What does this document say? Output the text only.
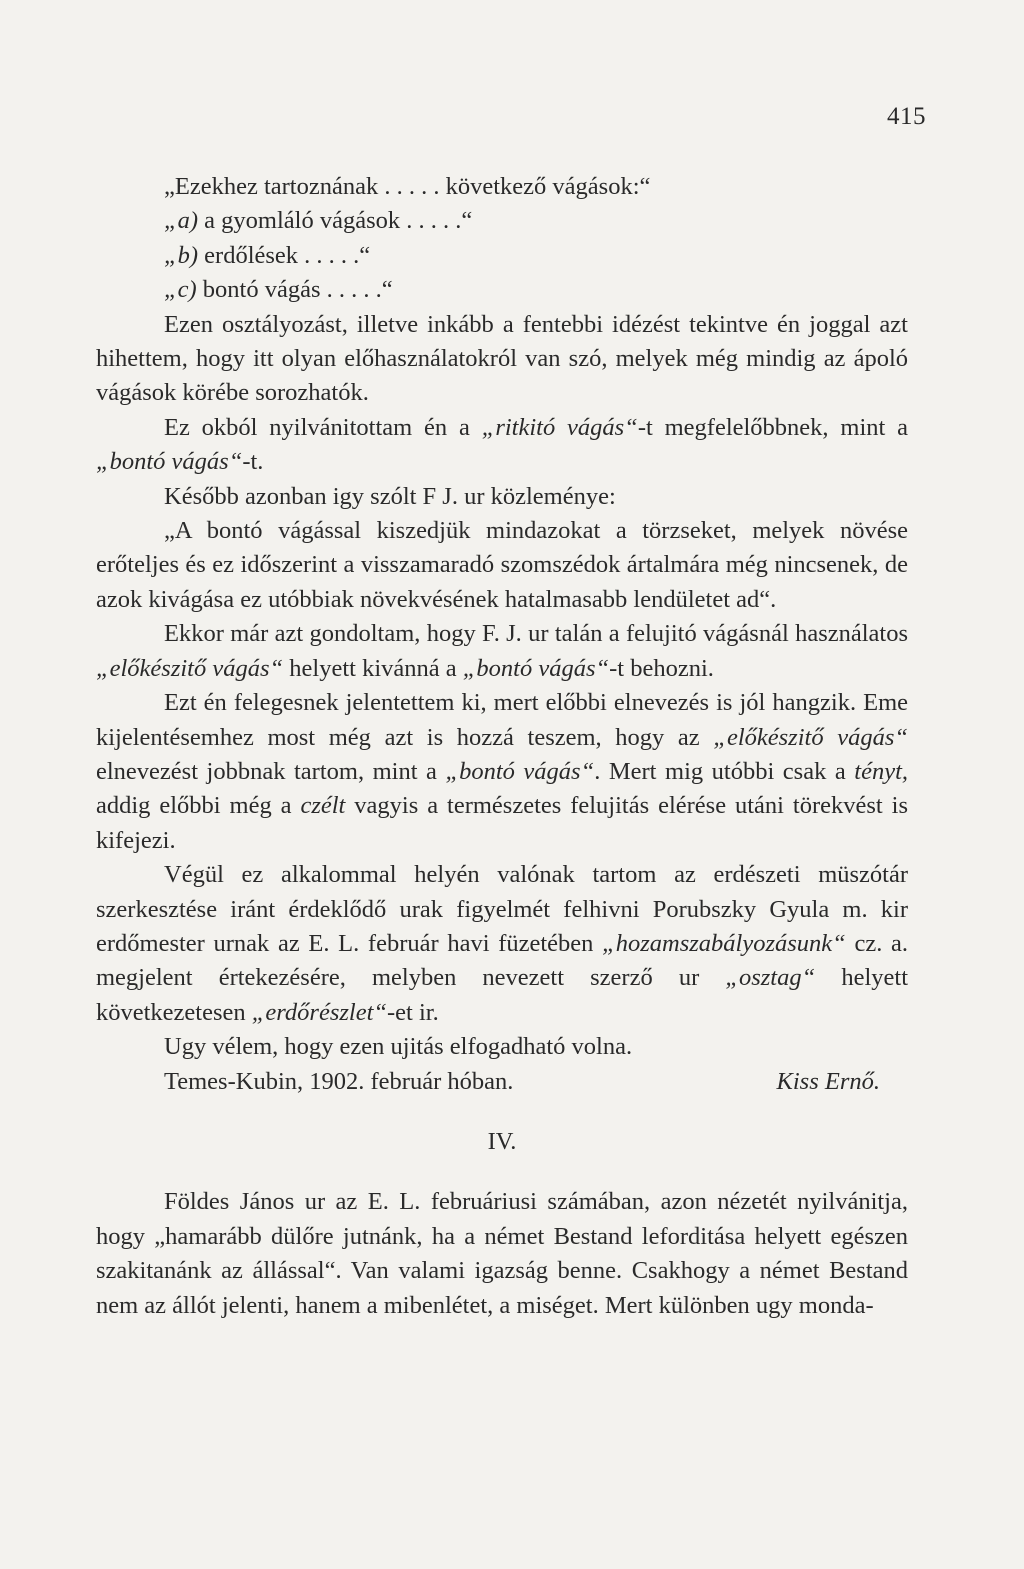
415

„Ezekhez tartoznának . . . . . következő vágások:“

„a) a gyomláló vágások . . . . .“

„b) erdőlések . . . . .“

„c) bontó vágás . . . . .“

Ezen osztályozást, illetve inkább a fentebbi idézést tekintve én joggal azt hihettem, hogy itt olyan előhasználatokról van szó, melyek még mindig az ápoló vágások körébe sorozhatók.

Ez okból nyilvánitottam én a „ritkitó vágás“-t megfelelőbbnek, mint a „bontó vágás“-t.

Később azonban igy szólt F J. ur közleménye:

„A bontó vágással kiszedjük mindazokat a törzseket, melyek növése erőteljes és ez időszerint a visszamaradó szomszédok ártalmára még nincsenek, de azok kivágása ez utóbbiak növekvésének hatalmasabb lendületet ad“.

Ekkor már azt gondoltam, hogy F. J. ur talán a felujitó vágásnál használatos „előkészitő vágás“ helyett kivánná a „bontó vágás“-t behozni.

Ezt én felegesnek jelentettem ki, mert előbbi elnevezés is jól hangzik. Eme kijelentésemhez most még azt is hozzá teszem, hogy az „előkészitő vágás“ elnevezést jobbnak tartom, mint a „bontó vágás“. Mert mig utóbbi csak a tényt, addig előbbi még a czélt vagyis a természetes felujitás elérése utáni törekvést is kifejezi.

Végül ez alkalommal helyén valónak tartom az erdészeti müszótár szerkesztése iránt érdeklődő urak figyelmét felhivni Porubszky Gyula m. kir erdőmester urnak az E. L. február havi füzetében „hozamszabályozásunk“ cz. a. megjelent értekezésére, melyben nevezett szerző ur „osztag“ helyett következetesen „erdőrészlet“-et ir.

Ugy vélem, hogy ezen ujitás elfogadható volna.

Temes-Kubin, 1902. február hóban.	Kiss Ernő.

IV.

Földes János ur az E. L. februáriusi számában, azon nézetét nyilvánitja, hogy „hamarább dülőre jutnánk, ha a német Bestand leforditása helyett egészen szakitanánk az állással“. Van valami igazság benne. Csakhogy a német Bestand nem az állót jelenti, hanem a mibenlétet, a miséget. Mert különben ugy monda-
